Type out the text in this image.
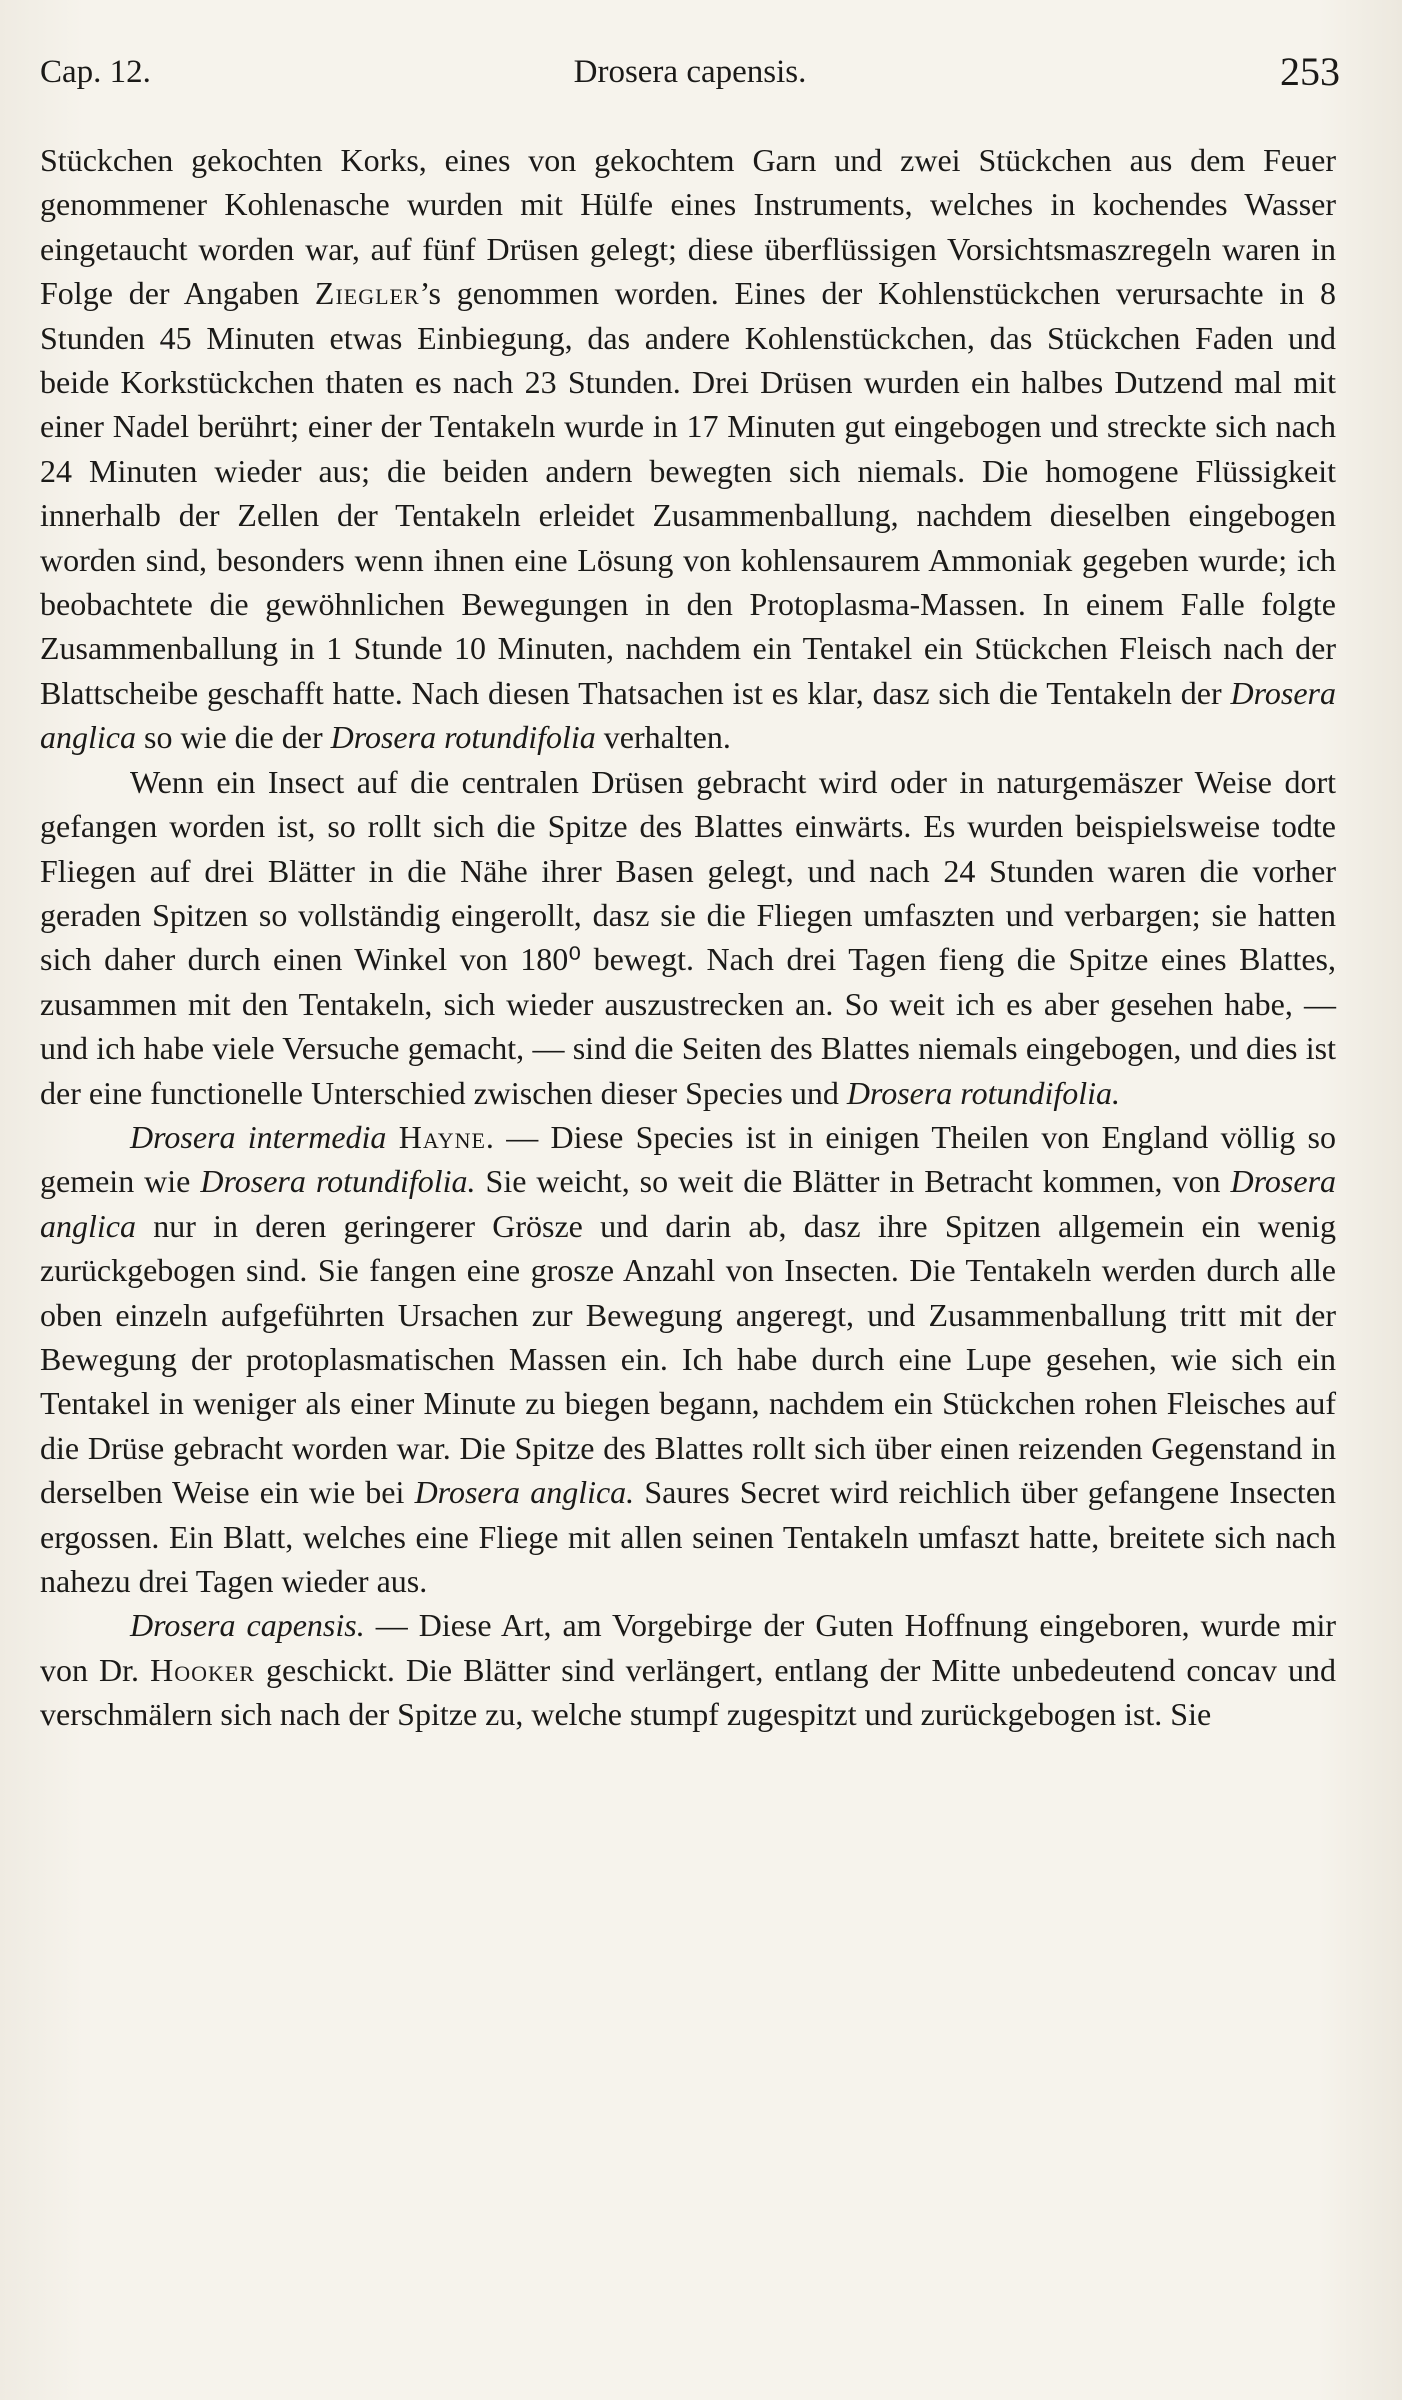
Cap. 12.	Drosera capensis.	253

Stückchen gekochten Korks, eines von gekochtem Garn und zwei Stückchen aus dem Feuer genommener Kohlenasche wurden mit Hülfe eines Instruments, welches in kochendes Wasser eingetaucht worden war, auf fünf Drüsen gelegt; diese überflüssigen Vorsichtsmaszregeln waren in Folge der Angaben Ziegler’s genommen worden. Eines der Kohlenstückchen verursachte in 8 Stunden 45 Minuten etwas Einbiegung, das andere Kohlenstückchen, das Stückchen Faden und beide Korkstückchen thaten es nach 23 Stunden. Drei Drüsen wurden ein halbes Dutzend mal mit einer Nadel berührt; einer der Tentakeln wurde in 17 Minuten gut eingebogen und streckte sich nach 24 Minuten wieder aus; die beiden andern bewegten sich niemals. Die homogene Flüssigkeit innerhalb der Zellen der Tentakeln erleidet Zusammenballung, nachdem dieselben eingebogen worden sind, besonders wenn ihnen eine Lösung von kohlensaurem Ammoniak gegeben wurde; ich beobachtete die gewöhnlichen Bewegungen in den Protoplasma-Massen. In einem Falle folgte Zusammenballung in 1 Stunde 10 Minuten, nachdem ein Tentakel ein Stückchen Fleisch nach der Blattscheibe geschafft hatte. Nach diesen Thatsachen ist es klar, dasz sich die Tentakeln der Drosera anglica so wie die der Drosera rotundifolia verhalten.

Wenn ein Insect auf die centralen Drüsen gebracht wird oder in naturgemäszer Weise dort gefangen worden ist, so rollt sich die Spitze des Blattes einwärts. Es wurden beispielsweise todte Fliegen auf drei Blätter in die Nähe ihrer Basen gelegt, und nach 24 Stunden waren die vorher geraden Spitzen so vollständig eingerollt, dasz sie die Fliegen umfaszten und verbargen; sie hatten sich daher durch einen Winkel von 180⁰ bewegt. Nach drei Tagen fieng die Spitze eines Blattes, zusammen mit den Tentakeln, sich wieder auszustrecken an. So weit ich es aber gesehen habe, — und ich habe viele Versuche gemacht, — sind die Seiten des Blattes niemals eingebogen, und dies ist der eine functionelle Unterschied zwischen dieser Species und Drosera rotundifolia.

Drosera intermedia Hayne. — Diese Species ist in einigen Theilen von England völlig so gemein wie Drosera rotundifolia. Sie weicht, so weit die Blätter in Betracht kommen, von Drosera anglica nur in deren geringerer Grösze und darin ab, dasz ihre Spitzen allgemein ein wenig zurückgebogen sind. Sie fangen eine grosze Anzahl von Insecten. Die Tentakeln werden durch alle oben einzeln aufgeführten Ursachen zur Bewegung angeregt, und Zusammenballung tritt mit der Bewegung der protoplasmatischen Massen ein. Ich habe durch eine Lupe gesehen, wie sich ein Tentakel in weniger als einer Minute zu biegen begann, nachdem ein Stückchen rohen Fleisches auf die Drüse gebracht worden war. Die Spitze des Blattes rollt sich über einen reizenden Gegenstand in derselben Weise ein wie bei Drosera anglica. Saures Secret wird reichlich über gefangene Insecten ergossen. Ein Blatt, welches eine Fliege mit allen seinen Tentakeln umfaszt hatte, breitete sich nach nahezu drei Tagen wieder aus.

Drosera capensis. — Diese Art, am Vorgebirge der Guten Hoffnung eingeboren, wurde mir von Dr. Hooker geschickt. Die Blätter sind verlängert, entlang der Mitte unbedeutend concav und verschmälern sich nach der Spitze zu, welche stumpf zugespitzt und zurückgebogen ist. Sie
